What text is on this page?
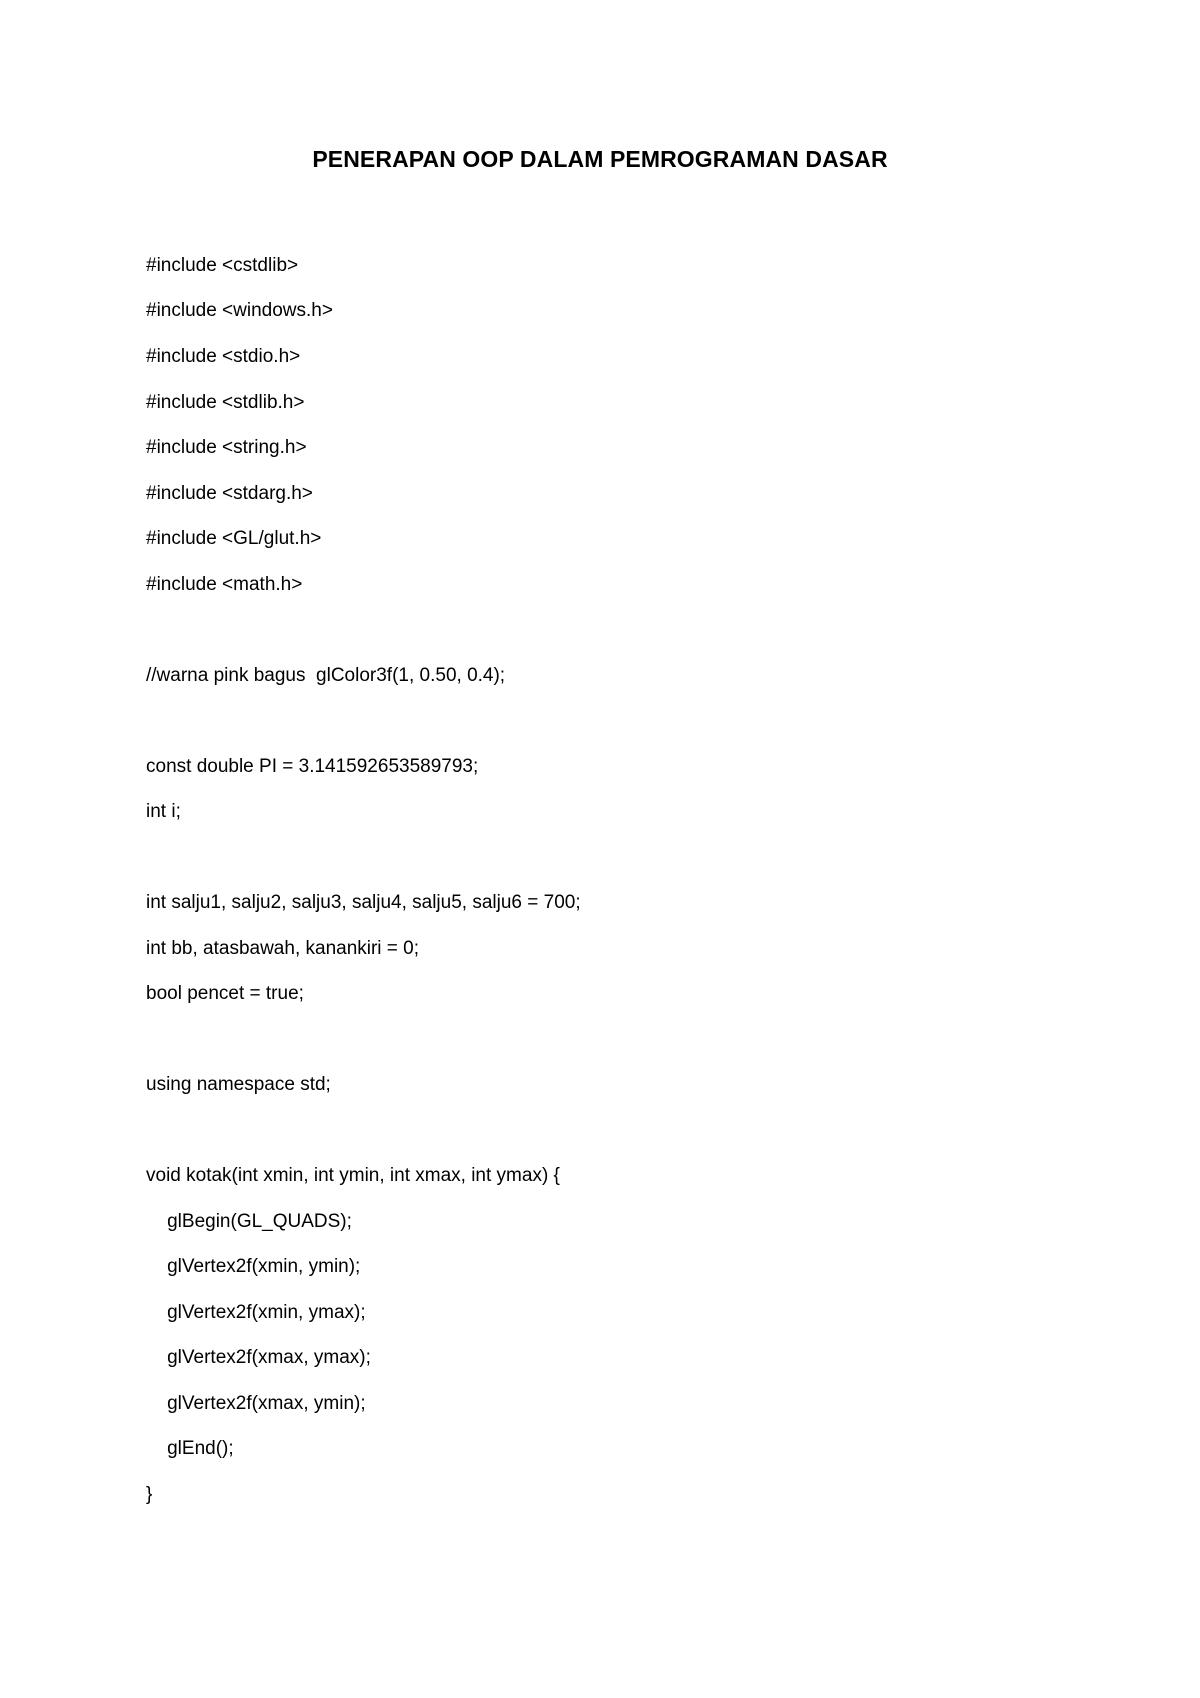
PENERAPAN OOP DALAM PEMROGRAMAN DASAR
#include <cstdlib>
#include <windows.h>
#include <stdio.h>
#include <stdlib.h>
#include <string.h>
#include <stdarg.h>
#include <GL/glut.h>
#include <math.h>
//warna pink bagus  glColor3f(1, 0.50, 0.4);
const double PI = 3.141592653589793;
int i;
int salju1, salju2, salju3, salju4, salju5, salju6 = 700;
int bb, atasbawah, kanankiri = 0;
bool pencet = true;
using namespace std;
void kotak(int xmin, int ymin, int xmax, int ymax) {
glBegin(GL_QUADS);
glVertex2f(xmin, ymin);
glVertex2f(xmin, ymax);
glVertex2f(xmax, ymax);
glVertex2f(xmax, ymin);
glEnd();
}
